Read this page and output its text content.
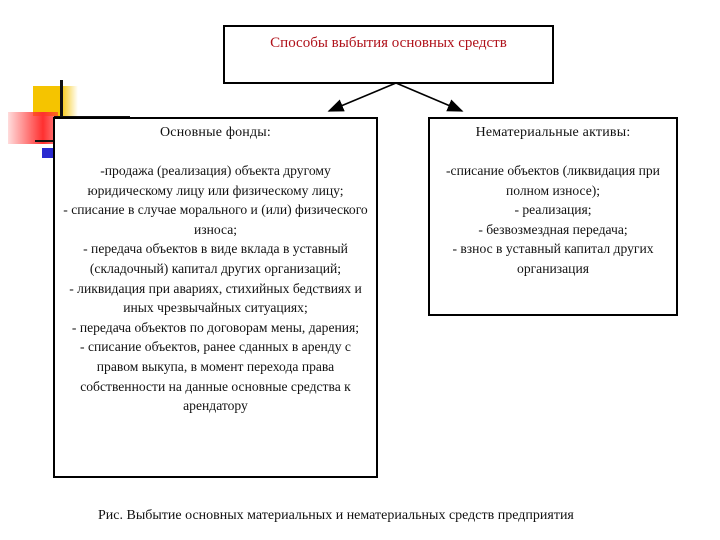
Способы выбытия основных средств
Основные фонды:
-продажа (реализация) объекта другому юридическому лицу или физическому лицу;
- списание в случае морального и (или) физического износа;
- передача объектов в виде вклада в уставный (складочный) капитал других организаций;
- ликвидация при авариях, стихийных бедствиях и иных чрезвычайных ситуациях;
- передача объектов по договорам мены, дарения;
- списание объектов, ранее сданных в аренду с правом выкупа, в момент перехода права собственности на данные основные средства к арендатору
Нематериальные активы:
-списание объектов (ликвидация при полном износе);
- реализация;
- безвозмездная передача;
- взнос в уставный капитал других организация
Рис. Выбытие основных материальных и нематериальных средств предприятия
